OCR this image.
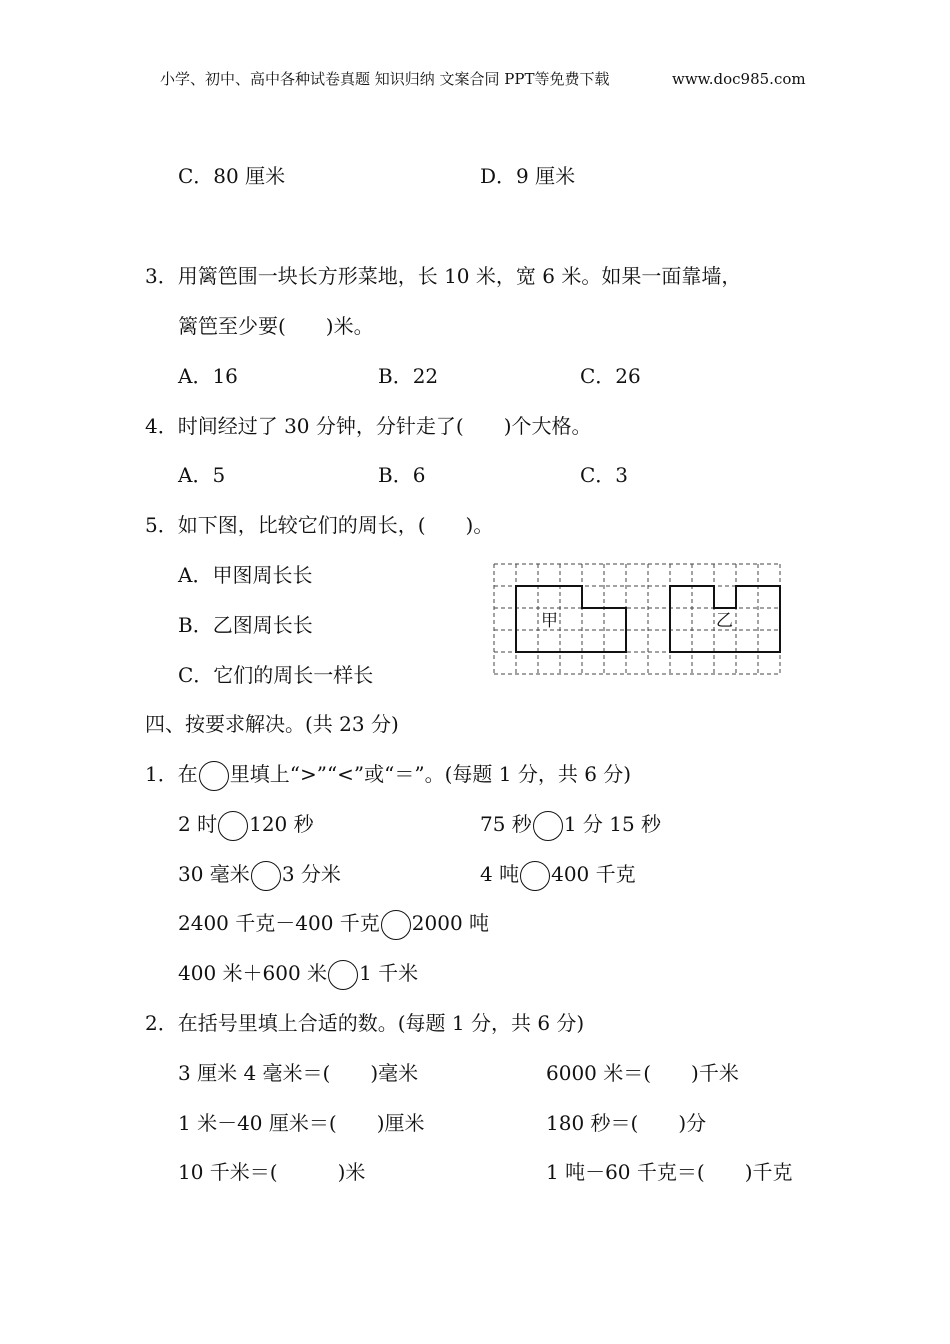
小学、初中、高中各种试卷真题 知识归纳 文案合同 PPT等免费下载	www.doc985.com
C．80 厘米	D．9 厘米
3．用篱笆围一块长方形菜地，长 10 米，宽 6 米。如果一面靠墙，
篱笆至少要(　　)米。
A．16	B．22	C．26
4．时间经过了 30 分钟，分针走了(　　)个大格。
A．5	B．6	C．3
5．如下图，比较它们的周长，(　　)。
A．甲图周长长
B．乙图周长长
C．它们的周长一样长
甲	乙
四、按要求解决。(共 23 分)
1．在 里填上“>”“<”或“＝”。(每题 1 分，共 6 分)
2 时 120 秒	75 秒 1 分 15 秒
30 毫米 3 分米	4 吨 400 千克
2400 千克－400 千克 2000 吨
400 米＋600 米 1 千米
2．在括号里填上合适的数。(每题 1 分，共 6 分)
3 厘米 4 毫米＝(　　)毫米	6000 米＝(　　)千米
1 米－40 厘米＝(　　)厘米	180 秒＝(　　)分
10 千米＝(　　　)米	1 吨－60 千克＝(　　)千克
